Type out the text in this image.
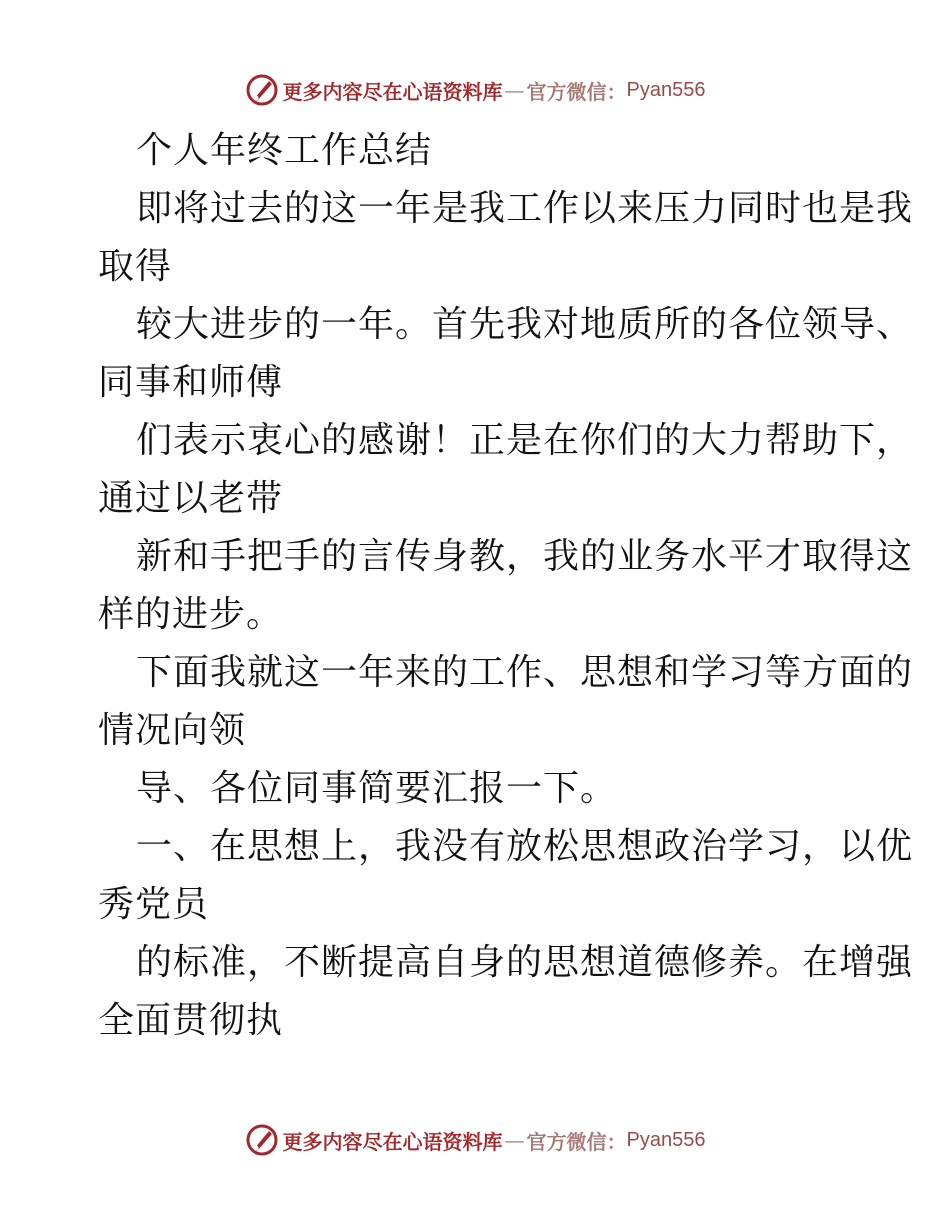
更多内容尽在心语资料库 — 官方微信： Pyan556
个人年终工作总结
即将过去的这一年是我工作以来压力同时也是我
取得
较大进步的一年。首先我对地质所的各位领导、
同事和师傅
们表示衷心的感谢！正是在你们的大力帮助下，
通过以老带
新和手把手的言传身教，我的业务水平才取得这
样的进步。
下面我就这一年来的工作、思想和学习等方面的
情况向领
导、各位同事简要汇报一下。
一、在思想上，我没有放松思想政治学习，以优
秀党员
的标准，不断提高自身的思想道德修养。在增强
全面贯彻执
更多内容尽在心语资料库 — 官方微信： Pyan556
